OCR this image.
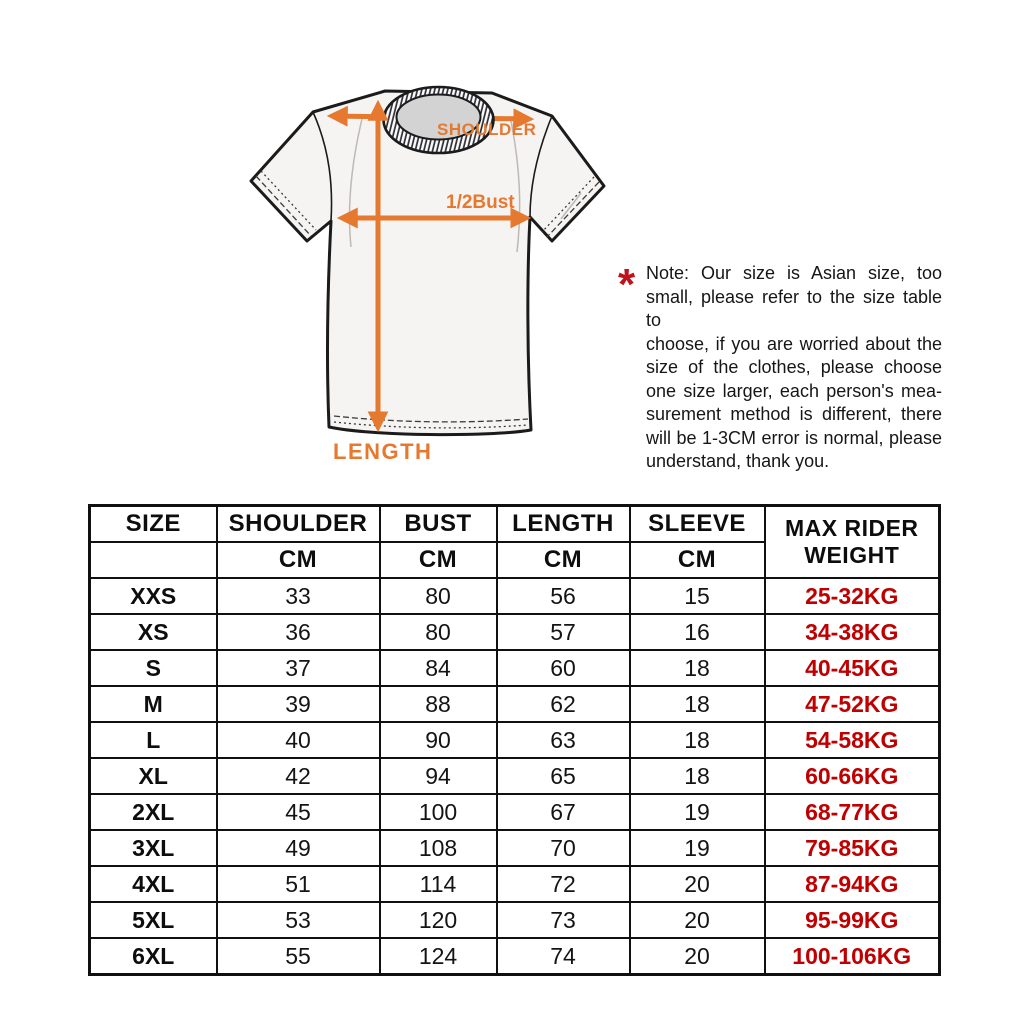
SHOULDER
1/2Bust
LENGTH
* Note: Our size is Asian size, too
small, please refer to the size table to
choose, if you are worried about the
size of the clothes, please choose
one size larger, each person's mea-
surement method is different, there
will be 1-3CM error is normal, please
understand, thank you.
SIZE	SHOULDER	BUST	LENGTH	SLEEVE	MAX RIDER
WEIGHT

	CM	CM	CM	CM	
XXS	33	80	56	15	25-32KG
XS	36	80	57	16	34-38KG
S	37	84	60	18	40-45KG
M	39	88	62	18	47-52KG
L	40	90	63	18	54-58KG
XL	42	94	65	18	60-66KG
2XL	45	100	67	19	68-77KG
3XL	49	108	70	19	79-85KG
4XL	51	114	72	20	87-94KG
5XL	53	120	73	20	95-99KG
6XL	55	124	74	20	100-106KG
